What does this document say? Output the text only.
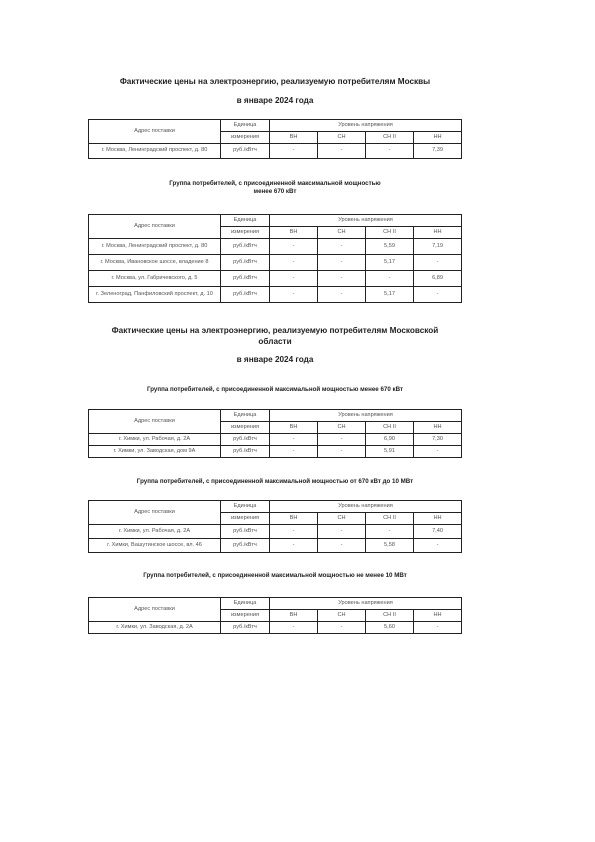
Фактические цены на электроэнергию, реализуемую потребителям Москвы

в январе 2024 года

Адрес поставки	Единица	Уровень напряжения			
	измерения	ВН	СН	СН II	НН
г. Москва, Ленинградский проспект, д. 80	руб./кВтч	-	-	-	7,39

Группа потребителей, с присоединенной максимальной мощностью

менее 670 кВт

Адрес поставки	Единица	Уровень напряжения			
	измерения	ВН	СН	СН II	НН
г. Москва, Ленинградский проспект, д. 80	руб./кВтч	-	-	5,59	7,19
г. Москва, Ивановское шоссе, владение 8	руб./кВтч	-	-	5,17	-
г. Москва, ул. Габричевского, д. 5	руб./кВтч	-	-	-	6,89
г. Зеленоград, Панфиловский проспект, д. 10	руб./кВтч	-	-	5,17	-

Фактические цены на электроэнергию, реализуемую потребителям Московской

области

в январе 2024 года

Группа потребителей, с присоединенной максимальной мощностью менее 670 кВт

Адрес поставки	Единица	Уровень напряжения			
	измерения	ВН	СН	СН II	НН
г. Химки, ул. Рабочая, д. 2А	руб./кВтч	-	-	6,90	7,30
г. Химки, ул. Заводская, дом 9А	руб./кВтч	-	-	5,91	-

Группа потребителей, с присоединенной максимальной мощностью от 670 кВт до 10 МВт

Адрес поставки	Единица	Уровень напряжения			
	измерения	ВН	СН	СН II	НН
г. Химки, ул. Рабочая, д. 2А	руб./кВтч	-	-	-	7,40
г. Химки, Вашутинское шоссе, вл. 46	руб./кВтч	-	-	5,58	-

Группа потребителей, с присоединенной максимальной мощностью не менее 10 МВт

Адрес поставки	Единица	Уровень напряжения			
	измерения	ВН	СН	СН II	НН
г. Химки, ул. Заводская, д. 2А	руб./кВтч	-	-	5,60	-
